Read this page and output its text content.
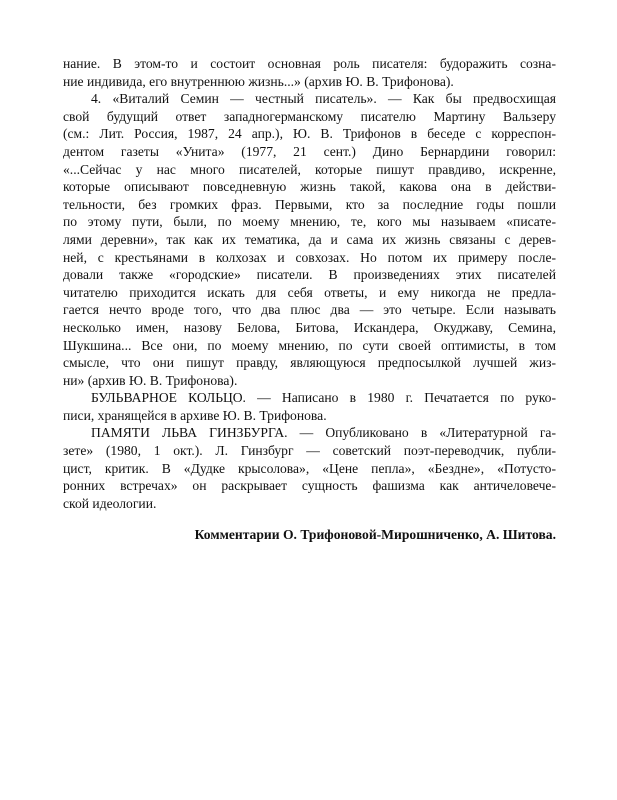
нание. В этом-то и состоит основная роль писателя: будоражить созна-
ние индивида, его внутреннюю жизнь...» (архив Ю. В. Трифонова).
4. «Виталий Семин — честный писатель». — Как бы предвосхищая
свой будущий ответ западногерманскому писателю Мартину Вальзеру
(см.: Лит. Россия, 1987, 24 апр.), Ю. В. Трифонов в беседе с корреспон-
дентом газеты «Унита» (1977, 21 сент.) Дино Бернардини говорил:
«...Сейчас у нас много писателей, которые пишут правдиво, искренне,
которые описывают повседневную жизнь такой, какова она в действи-
тельности, без громких фраз. Первыми, кто за последние годы пошли
по этому пути, были, по моему мнению, те, кого мы называем «писате-
лями деревни», так как их тематика, да и сама их жизнь связаны с дерев-
ней, с крестьянами в колхозах и совхозах. Но потом их примеру после-
довали также «городские» писатели. В произведениях этих писателей
читателю приходится искать для себя ответы, и ему никогда не предла-
гается нечто вроде того, что два плюс два — это четыре. Если называть
несколько имен, назову Белова, Битова, Искандера, Окуджаву, Семина,
Шукшина... Все они, по моему мнению, по сути своей оптимисты, в том
смысле, что они пишут правду, являющуюся предпосылкой лучшей жиз-
ни» (архив Ю. В. Трифонова).
БУЛЬВАРНОЕ КОЛЬЦО. — Написано в 1980 г. Печатается по руко-
писи, хранящейся в архиве Ю. В. Трифонова.
ПАМЯТИ ЛЬВА ГИНЗБУРГА. — Опубликовано в «Литературной га-
зете» (1980, 1 окт.). Л. Гинзбург — советский поэт-переводчик, публи-
цист, критик. В «Дудке крысолова», «Цене пепла», «Бездне», «Потусто-
ронних встречах» он раскрывает сущность фашизма как античеловече-
ской идеологии.
Комментарии О. Трифоновой-Мирошниченко, А. Шитова.
